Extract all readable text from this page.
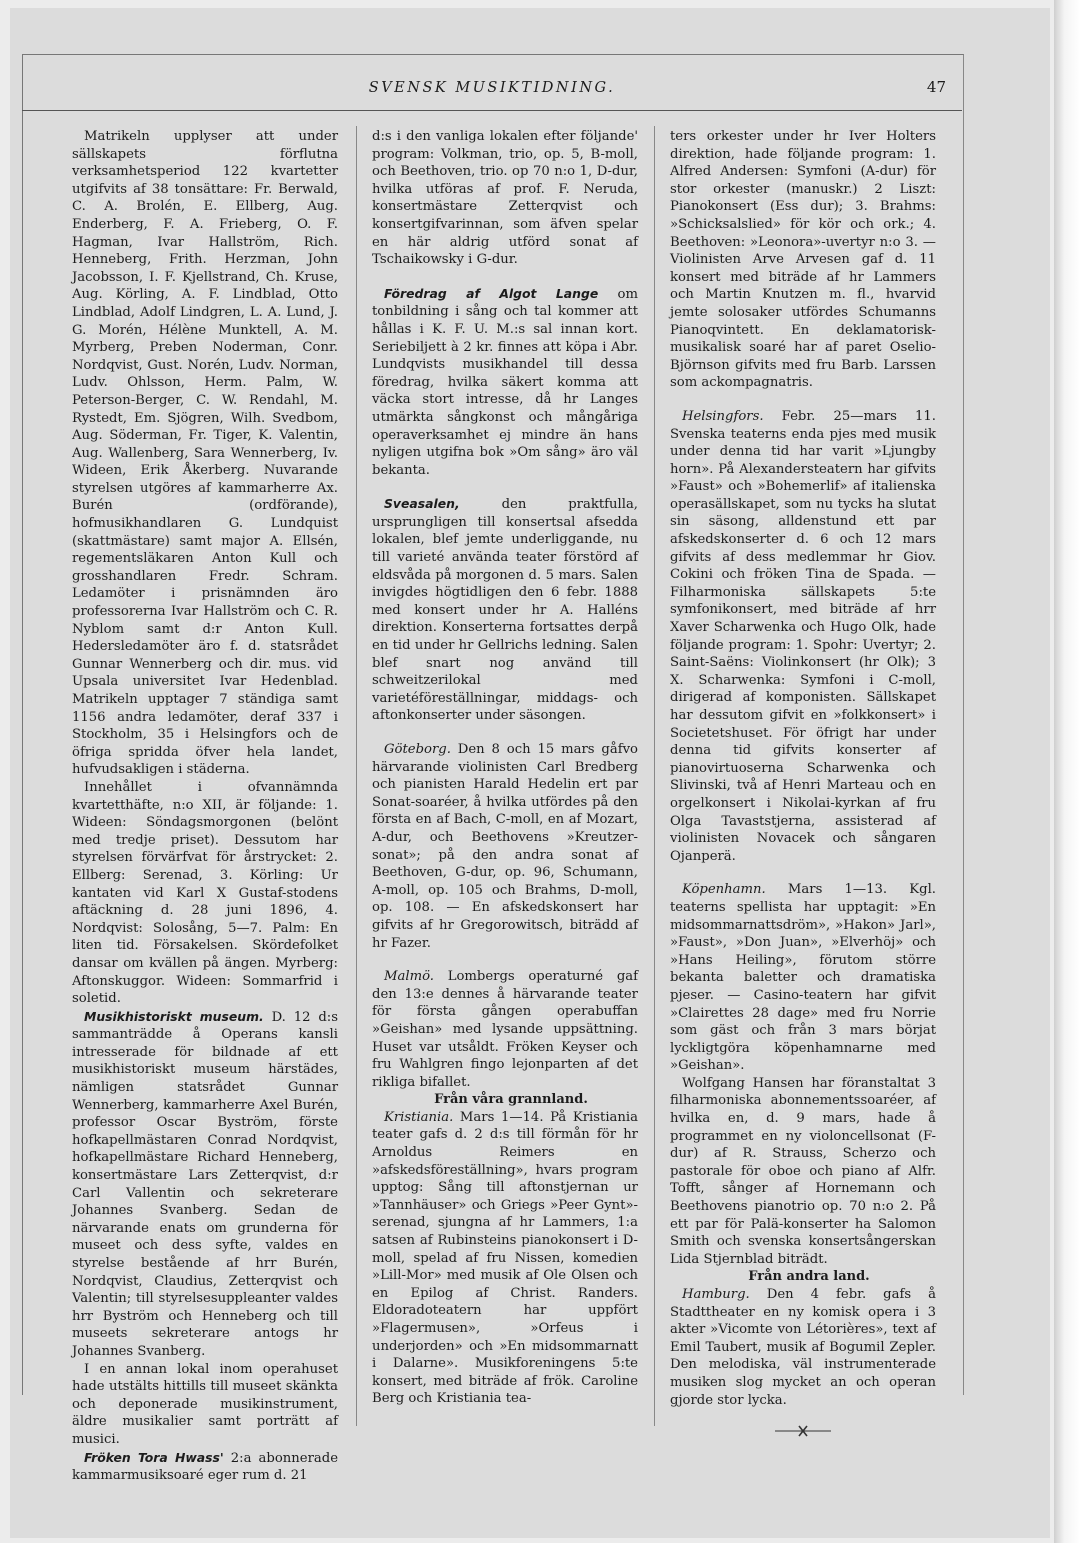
SVENSK MUSIKTIDNING.	47

Matrikeln upplyser att under sällskapets förflutna verksamhetsperiod 122 kvartetter utgifvits af 38 tonsättare: Fr. Berwald, C. A. Brolén, E. Ellberg, Aug. Enderberg, F. A. Frieberg, O. F. Hagman, Ivar Hallström, Rich. Henneberg, Frith. Herzman, John Jacobsson, I. F. Kjellstrand, Ch. Kruse, Aug. Körling, A. F. Lindblad, Otto Lindblad, Adolf Lindgren, L. A. Lund, J. G. Morén, Hélène Munktell, A. M. Myrberg, Preben Noderman, Conr. Nordqvist, Gust. Norén, Ludv. Norman, Ludv. Ohlsson, Herm. Palm, W. Peterson-Berger, C. W. Rendahl, M. Rystedt, Em. Sjögren, Wilh. Svedbom, Aug. Söderman, Fr. Tiger, K. Valentin, Aug. Wallenberg, Sara Wennerberg, Iv. Wideen, Erik Åkerberg. Nuvarande styrelsen utgöres af kammarherre Ax. Burén (ordförande), hofmusikhandlaren G. Lundquist (skattmästare) samt major A. Ellsén, regementsläkaren Anton Kull och grosshandlaren Fredr. Schram. Ledamöter i prisnämnden äro professorerna Ivar Hallström och C. R. Nyblom samt d:r Anton Kull. Hedersledamöter äro f. d. statsrådet Gunnar Wennerberg och dir. mus. vid Upsala universitet Ivar Hedenblad. Matrikeln upptager 7 ständiga samt 1156 andra ledamöter, deraf 337 i Stockholm, 35 i Helsingfors och de öfriga spridda öfver hela landet, hufvudsakligen i städerna.

Innehållet i ofvannämnda kvartetthäfte, n:o XII, är följande: 1. Wideen: Söndagsmorgonen (belönt med tredje priset). Dessutom har styrelsen förvärfvat för årstrycket: 2. Ellberg: Serenad, 3. Körling: Ur kantaten vid Karl X Gustaf-stodens aftäckning d. 28 juni 1896, 4. Nordqvist: Solosång, 5—7. Palm: En liten tid. Försakelsen. Skördefolket dansar om kvällen på ängen. Myrberg: Aftonskuggor. Wideen: Sommarfrid i soletid.

Musikhistoriskt museum. D. 12 d:s sammanträdde å Operans kansli intresserade för bildnade af ett musikhistoriskt museum härstädes, nämligen statsrådet Gunnar Wennerberg, kammarherre Axel Burén, professor Oscar Byström, förste hofkapellmästaren Conrad Nordqvist, hofkapellmästare Richard Henneberg, konsertmästare Lars Zetterqvist, d:r Carl Vallentin och sekreterare Johannes Svanberg. Sedan de närvarande enats om grunderna för museet och dess syfte, valdes en styrelse bestående af hrr Burén, Nordqvist, Claudius, Zetterqvist och Valentin; till styrelsesuppleanter valdes hrr Byström och Henneberg och till museets sekreterare antogs hr Johannes Svanberg.

I en annan lokal inom operahuset hade utstälts hittills till museet skänkta och deponerade musikinstrument, äldre musikalier samt porträtt af musici.

Fröken Tora Hwass' 2:a abonnerade kammarmusiksoaré eger rum d. 21

d:s i den vanliga lokalen efter följande' program: Volkman, trio, op. 5, B-moll, och Beethoven, trio. op 70 n:o 1, D-dur, hvilka utföras af prof. F. Neruda, konsertmästare Zetterqvist och konsertgifvarinnan, som äfven spelar en här aldrig utförd sonat af Tschaikowsky i G-dur.

Föredrag af Algot Lange om tonbildning i sång och tal kommer att hållas i K. F. U. M.:s sal innan kort. Seriebiljett à 2 kr. finnes att köpa i Abr. Lundqvists musikhandel till dessa föredrag, hvilka säkert komma att väcka stort intresse, då hr Langes utmärkta sångkonst och mångåriga operaverksamhet ej mindre än hans nyligen utgifna bok »Om sång» äro väl bekanta.

Sveasalen, den praktfulla, ursprungligen till konsertsal afsedda lokalen, blef jemte underliggande, nu till varieté använda teater förstörd af eldsvåda på morgonen d. 5 mars. Salen invigdes högtidligen den 6 febr. 1888 med konsert under hr A. Halléns direktion. Konserterna fortsattes derpå en tid under hr Gellrichs ledning. Salen blef snart nog använd till schweitzerilokal med varietéföreställningar, middags- och aftonkonserter under säsongen.

Göteborg. Den 8 och 15 mars gåfvo härvarande violinisten Carl Bredberg och pianisten Harald Hedelin ert par Sonat-soaréer, å hvilka utfördes på den första en af Bach, C-moll, en af Mozart, A-dur, och Beethovens »Kreutzer-sonat»; på den andra sonat af Beethoven, G-dur, op. 96, Schumann, A-moll, op. 105 och Brahms, D-moll, op. 108. — En afskedskonsert har gifvits af hr Gregorowitsch, biträdd af hr Fazer.

Malmö. Lombergs operaturné gaf den 13:e dennes å härvarande teater för första gången operabuffan »Geishan» med lysande uppsättning. Huset var utsåldt. Fröken Keyser och fru Wahlgren fingo lejonparten af det rikliga bifallet.

Från våra grannland.

Kristiania. Mars 1—14. På Kristiania teater gafs d. 2 d:s till förmån för hr Arnoldus Reimers en »afskedsföreställning», hvars program upptog: Sång till aftonstjernan ur »Tannhäuser» och Griegs »Peer Gynt»-serenad, sjungna af hr Lammers, 1:a satsen af Rubinsteins pianokonsert i D-moll, spelad af fru Nissen, komedien »Lill-Mor» med musik af Ole Olsen och en Epilog af Christ. Randers. Eldoradoteatern har uppfört »Flagermusen», »Orfeus i underjorden» och »En midsommarnatt i Dalarne». Musikforeningens 5:te konsert, med biträde af frök. Caroline Berg och Kristiania tea-

ters orkester under hr Iver Holters direktion, hade följande program: 1. Alfred Andersen: Symfoni (A-dur) för stor orkester (manuskr.) 2 Liszt: Pianokonsert (Ess dur); 3. Brahms: »Schicksalslied» för kör och ork.; 4. Beethoven: »Leonora»-uvertyr n:o 3. — Violinisten Arve Arvesen gaf d. 11 konsert med biträde af hr Lammers och Martin Knutzen m. fl., hvarvid jemte solosaker utfördes Schumanns Pianoqvintett. En deklamatorisk-musikalisk soaré har af paret Oselio-Björnson gifvits med fru Barb. Larssen som ackompagnatris.

Helsingfors. Febr. 25—mars 11. Svenska teaterns enda pjes med musik under denna tid har varit »Ljungby horn». På Alexandersteatern har gifvits »Faust» och »Bohemerlif» af italienska operasällskapet, som nu tycks ha slutat sin säsong, alldenstund ett par afskedskonserter d. 6 och 12 mars gifvits af dess medlemmar hr Giov. Cokini och fröken Tina de Spada. — Filharmoniska sällskapets 5:te symfonikonsert, med biträde af hrr Xaver Scharwenka och Hugo Olk, hade följande program: 1. Spohr: Uvertyr; 2. Saint-Saëns: Violinkonsert (hr Olk); 3 X. Scharwenka: Symfoni i C-moll, dirigerad af komponisten. Sällskapet har dessutom gifvit en »folkkonsert» i Societetshuset. För öfrigt har under denna tid gifvits konserter af pianovirtuoserna Scharwenka och Slivinski, två af Henri Marteau och en orgelkonsert i Nikolai-kyrkan af fru Olga Tavaststjerna, assisterad af violinisten Novacek och sångaren Ojanperä.

Köpenhamn. Mars 1—13. Kgl. teaterns spellista har upptagit: »En midsommarnattsdröm», »Hakon» Jarl», »Faust», »Don Juan», »Elverhöj» och »Hans Heiling», förutom större bekanta baletter och dramatiska pjeser. — Casino-teatern har gifvit »Clairettes 28 dage» med fru Norrie som gäst och från 3 mars börjat lyckligtgöra köpenhamnarne med »Geishan».

Wolfgang Hansen har föranstaltat 3 filharmoniska abonnementssoaréer, af hvilka en, d. 9 mars, hade å programmet en ny violoncellsonat (F-dur) af R. Strauss, Scherzo och pastorale för oboe och piano af Alfr. Tofft, sånger af Hornemann och Beethovens pianotrio op. 70 n:o 2. På ett par för Palä-konserter ha Salomon Smith och svenska konsertsångerskan Lida Stjernblad biträdt.

Från andra land.

Hamburg. Den 4 febr. gafs å Stadttheater en ny komisk opera i 3 akter »Vicomte von Létorières», text af Emil Taubert, musik af Bogumil Zepler. Den melodiska, väl instrumenterade musiken slog mycket an och operan gjorde stor lycka.
